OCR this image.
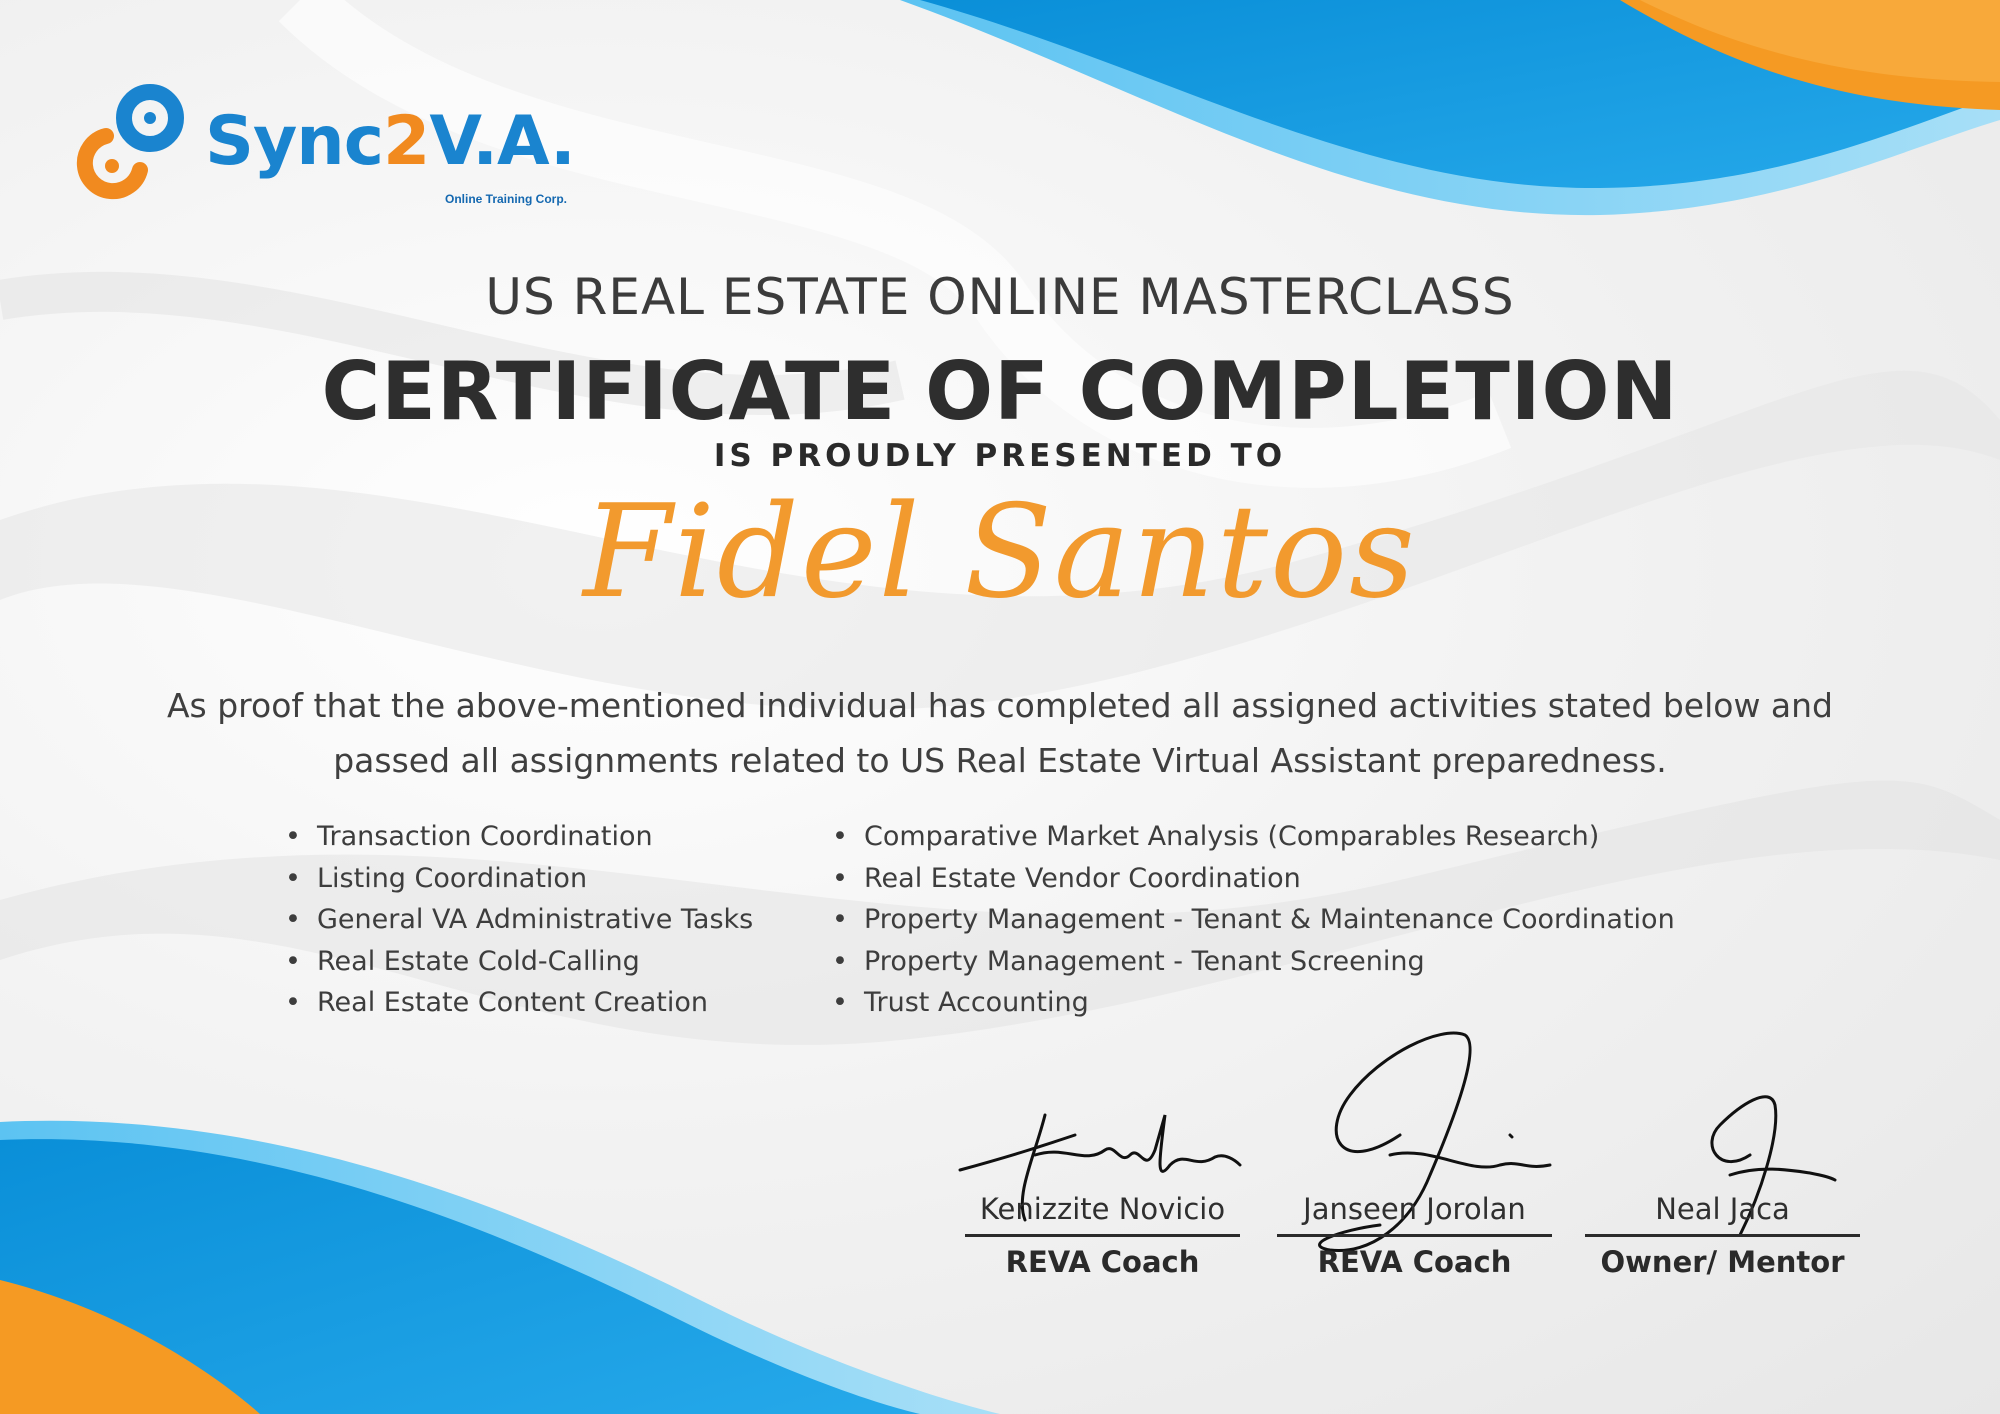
Sync2V.A.
Online Training Corp.
US REAL ESTATE ONLINE MASTERCLASS
CERTIFICATE OF COMPLETION
IS PROUDLY PRESENTED TO
Fidel Santos
As proof that the above-mentioned individual has completed all assigned activities stated below and passed all assignments related to US Real Estate Virtual Assistant preparedness.
• Transaction Coordination
• Listing Coordination
• General VA Administrative Tasks
• Real Estate Cold-Calling
• Real Estate Content Creation
• Comparative Market Analysis (Comparables Research)
• Real Estate Vendor Coordination
• Property Management - Tenant & Maintenance Coordination
• Property Management - Tenant Screening
• Trust Accounting
Kenizzite Novicio
REVA Coach
Janseen Jorolan
REVA Coach
Neal Jaca
Owner/ Mentor
